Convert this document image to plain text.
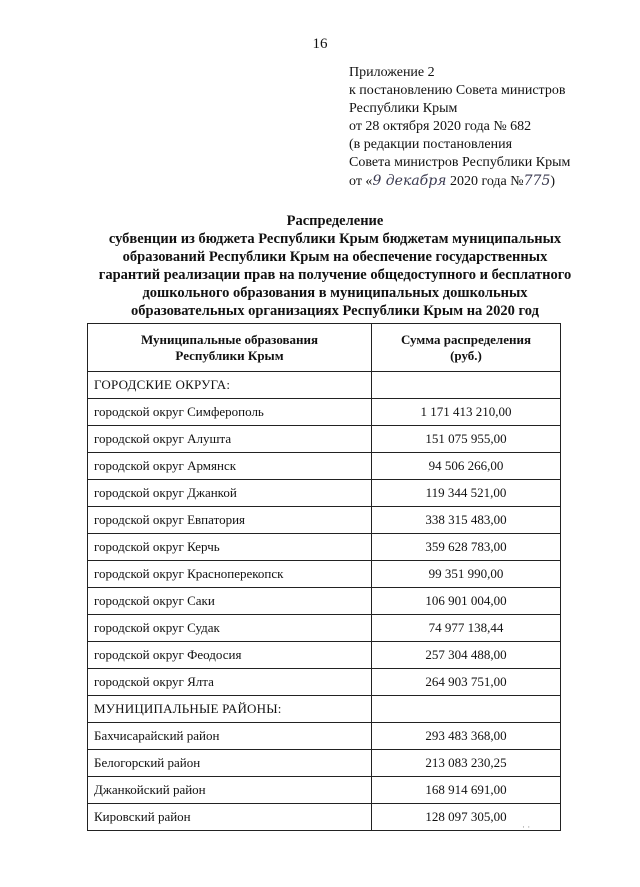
16
Приложение 2
к постановлению Совета министров
Республики Крым
от 28 октября 2020 года № 682
(в редакции постановления
Совета министров Республики Крым
от «9 декабря 2020 года №775)
Распределение
субвенции из бюджета Республики Крым бюджетам муниципальных
образований Республики Крым на обеспечение государственных
гарантий реализации прав на получение общедоступного и бесплатного
дошкольного образования в муниципальных дошкольных
образовательных организациях Республики Крым на 2020 год
Муниципальные образования
Республики Крым	Сумма распределения
(руб.)
ГОРОДСКИЕ ОКРУГА:	
городской округ Симферополь	1 171 413 210,00
городской округ Алушта	151 075 955,00
городской округ Армянск	94 506 266,00
городской округ Джанкой	119 344 521,00
городской округ Евпатория	338 315 483,00
городской округ Керчь	359 628 783,00
городской округ Красноперекопск	99 351 990,00
городской округ Саки	106 901 004,00
городской округ Судак	74 977 138,44
городской округ Феодосия	257 304 488,00
городской округ Ялта	264 903 751,00
МУНИЦИПАЛЬНЫЕ РАЙОНЫ:	
Бахчисарайский район	293 483 368,00
Белогорский район	213 083 230,25
Джанкойский район	168 914 691,00
Кировский район	128 097 305,00
· ·
